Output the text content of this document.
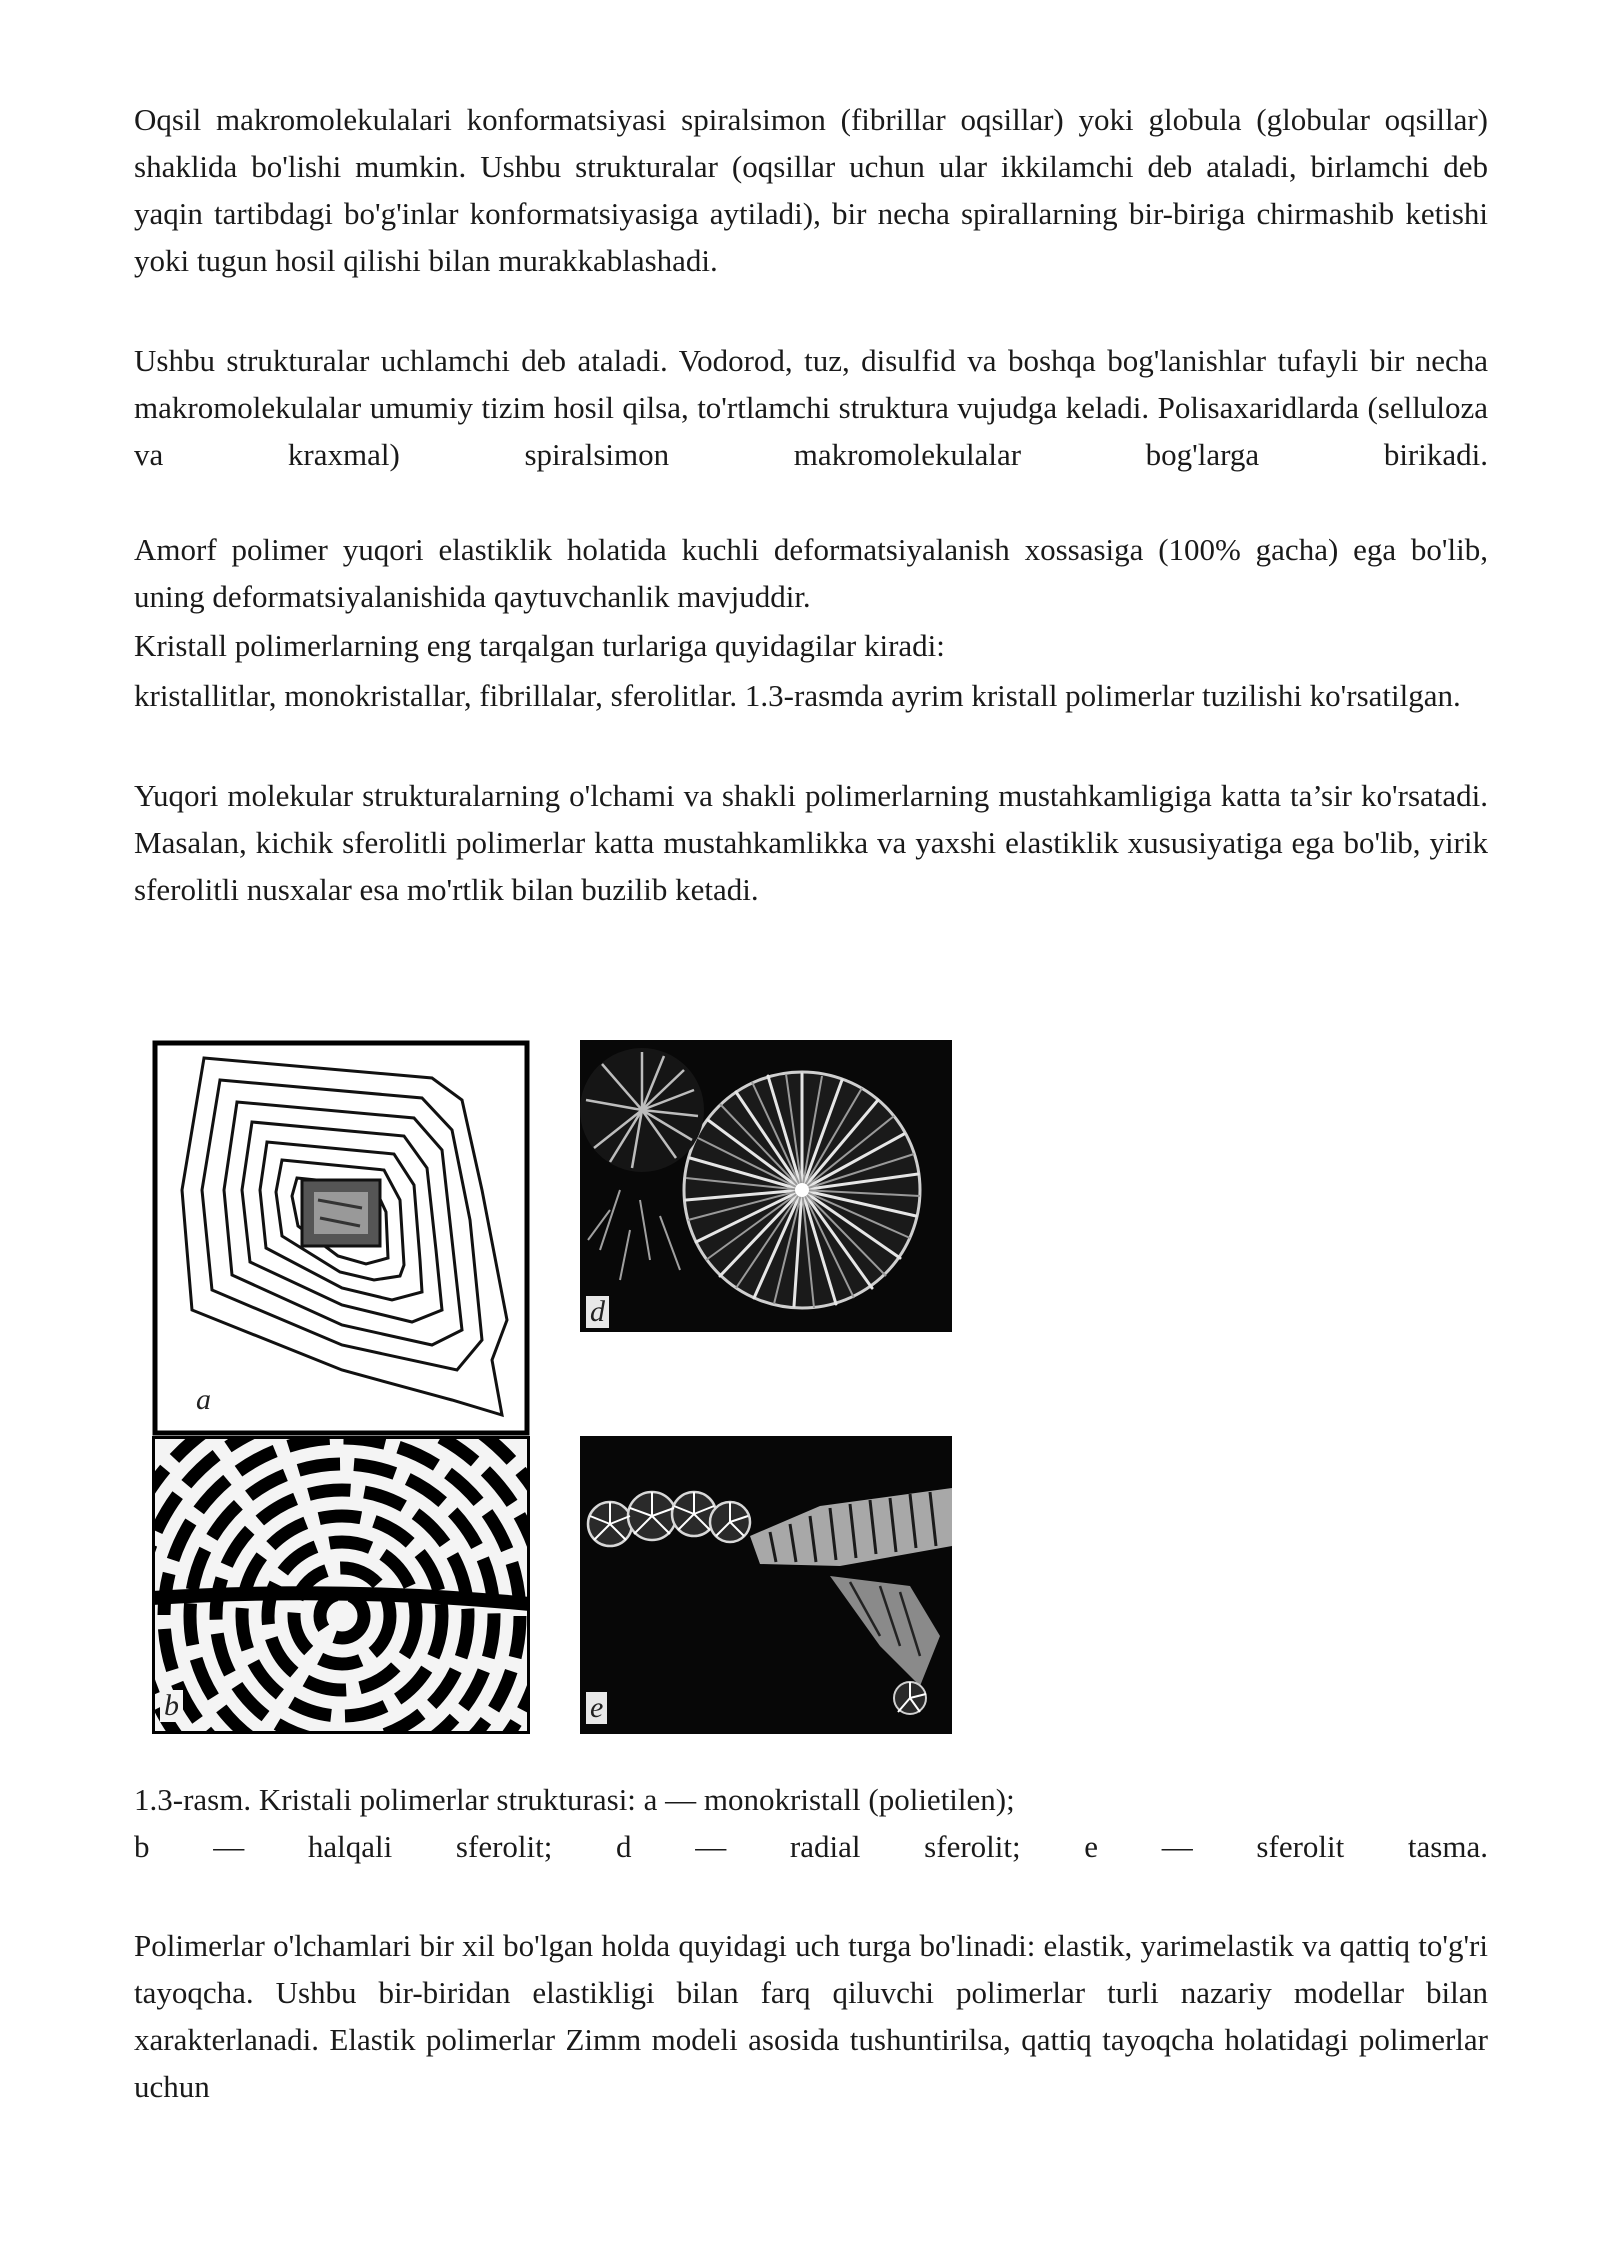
Oqsil makromolekulalari konformatsiyasi spiralsimon (fibrillar oqsillar) yoki globula (globular oqsillar) shaklida bo'lishi mumkin. Ushbu strukturalar (oqsillar uchun ular ikkilamchi deb ataladi, birlamchi deb yaqin tartibdagi bo'g'inlar konformatsiyasiga aytiladi), bir necha spirallarning bir-biriga chirmashib ketishi yoki tugun hosil qilishi bilan murakkablashadi.

Ushbu strukturalar uchlamchi deb ataladi. Vodorod, tuz, disulfid va boshqa bog'lanishlar tufayli bir necha makromolekulalar umumiy tizim hosil qilsa, to'rtlamchi struktura vujudga keladi. Polisaxaridlarda (selluloza va kraxmal) spiralsimon makromolekulalar bog'larga birikadi.

Amorf polimer yuqori elastiklik holatida kuchli deformatsiyalanish xossasiga (100% gacha) ega bo'lib, uning deformatsiyalanishida qaytuvchanlik mavjuddir.

Kristall polimerlarning eng tarqalgan turlariga quyidagilar kiradi:

kristallitlar, monokristallar, fibrillalar, sferolitlar. 1.3-rasmda ayrim kristall polimerlar tuzilishi ko'rsatilgan.

Yuqori molekular strukturalarning o'lchami va shakli polimerlarning mustahkamligiga katta ta’sir ko'rsatadi. Masalan, kichik sferolitli polimerlar katta mustahkamlikka va yaxshi elastiklik xususiyatiga ega bo'lib, yirik sferolitli nusxalar esa mo'rtlik bilan buzilib ketadi.

a
d
b	e
1.3-rasm. Kristali polimerlar strukturasi: a — monokristall (polietilen);
b — halqali sferolit; d — radial sferolit; e — sferolit tasma.

Polimerlar o'lchamlari bir xil bo'lgan holda quyidagi uch turga bo'linadi: elastik, yarimelastik va qattiq to'g'ri tayoqcha. Ushbu bir-biridan elastikligi bilan farq qiluvchi polimerlar turli nazariy modellar bilan xarakterlanadi. Elastik polimerlar Zimm modeli asosida tushuntirilsa, qattiq tayoqcha holatidagi polimerlar uchun
